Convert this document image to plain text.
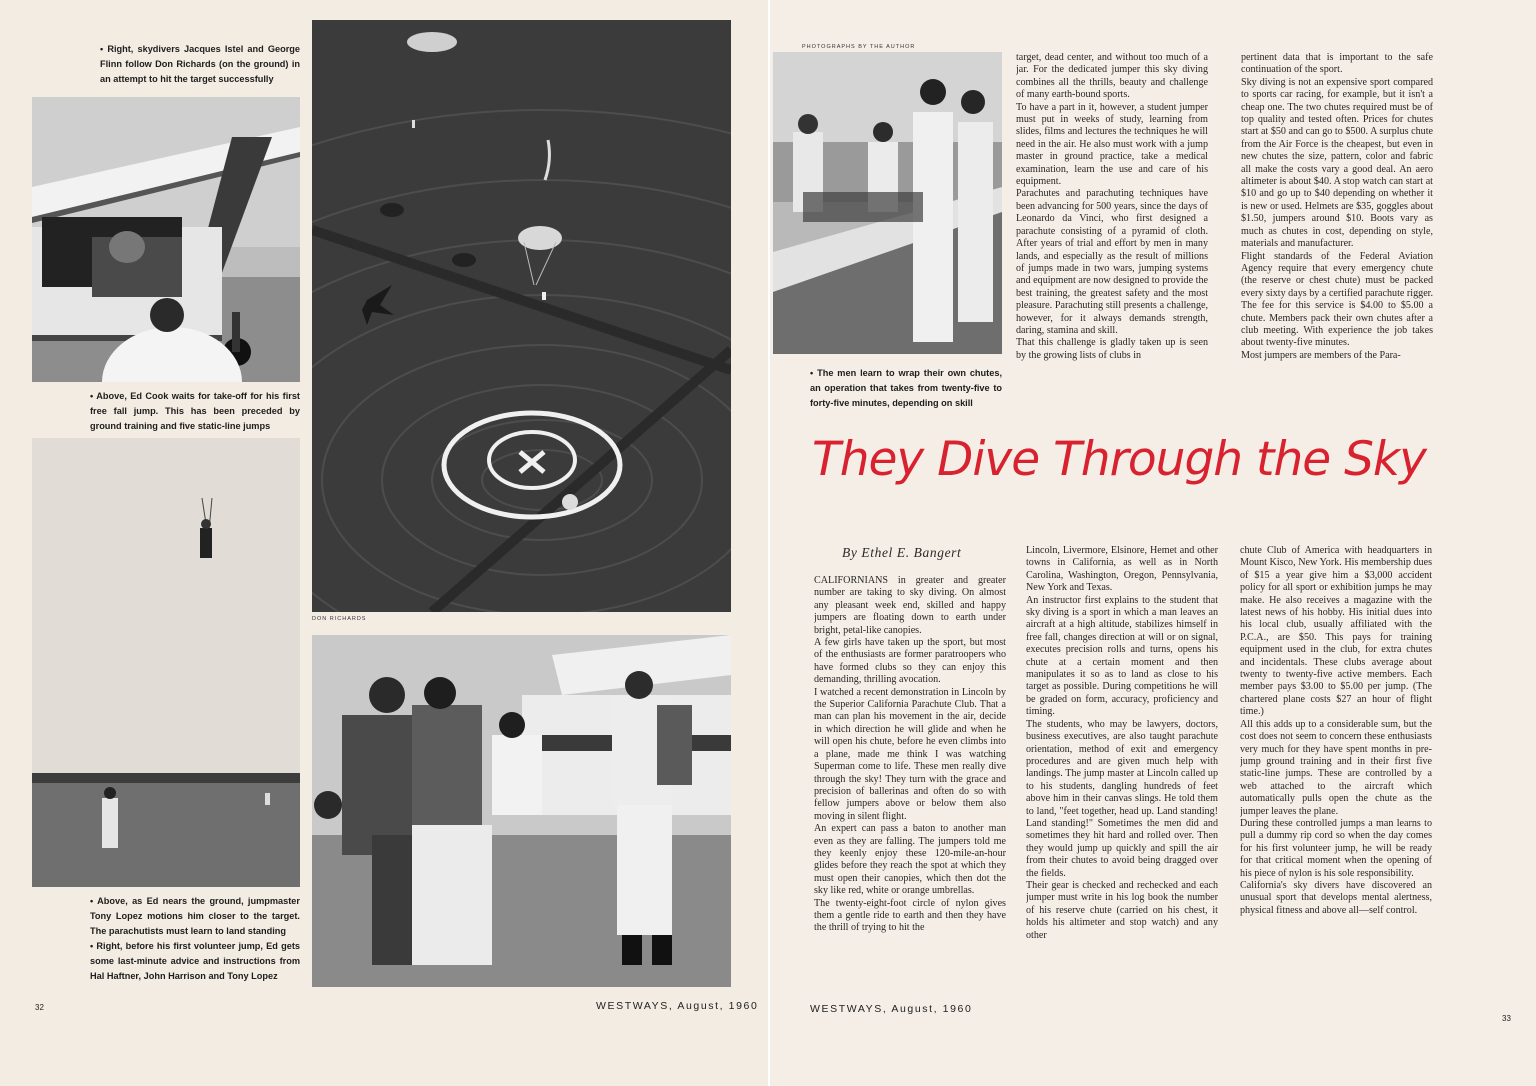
• Right, skydivers Jacques Istel and George Flinn follow Don Richards (on the ground) in an attempt to hit the target successfully
• Above, Ed Cook waits for take-off for his first free fall jump. This has been preceded by ground training and five static-line jumps
• Above, as Ed nears the ground, jumpmaster Tony Lopez motions him closer to the target. The parachutists must learn to land standing
• Right, before his first volunteer jump, Ed gets some last-minute advice and instructions from Hal Haftner, John Harrison and Tony Lopez
DON RICHARDS
32	WESTWAYS, August, 1960
PHOTOGRAPHS BY THE AUTHOR
• The men learn to wrap their own chutes, an operation that takes from twenty-five to forty-five minutes, depending on skill

target, dead center, and without too much of a jar. For the dedicated jumper this sky diving combines all the thrills, beauty and challenge of many earth-bound sports.
To have a part in it, however, a student jumper must put in weeks of study, learning from slides, films and lectures the techniques he will need in the air. He also must work with a jump master in ground practice, take a medical examination, learn the use and care of his equipment.
Parachutes and parachuting techniques have been advancing for 500 years, since the days of Leonardo da Vinci, who first designed a parachute consisting of a pyramid of cloth. After years of trial and effort by men in many lands, and especially as the result of millions of jumps made in two wars, jumping systems and equipment are now designed to provide the best training, the greatest safety and the most pleasure. Parachuting still presents a challenge, however, for it always demands strength, daring, stamina and skill.
That this challenge is gladly taken up is seen by the growing lists of clubs in

pertinent data that is important to the safe continuation of the sport.
Sky diving is not an expensive sport compared to sports car racing, for example, but it isn't a cheap one. The two chutes required must be of top quality and tested often. Prices for chutes start at $50 and can go to $500. A surplus chute from the Air Force is the cheapest, but even in new chutes the size, pattern, color and fabric all make the costs vary a good deal. An aero altimeter is about $40. A stop watch can start at $10 and go up to $40 depending on whether it is new or used. Helmets are $35, goggles about $1.50, jumpers around $10. Boots vary as much as chutes in cost, depending on style, materials and manufacturer.
Flight standards of the Federal Aviation Agency require that every emergency chute (the reserve or chest chute) must be packed every sixty days by a certified parachute rigger. The fee for this service is $4.00 to $5.00 a chute. Members pack their own chutes after a club meeting. With experience the job takes about twenty-five minutes.
Most jumpers are members of the Para-

They Dive Through the Sky
By Ethel E. Bangert

CALIFORNIANS in greater and greater number are taking to sky diving. On almost any pleasant week end, skilled and happy jumpers are floating down to earth under bright, petal-like canopies.
A few girls have taken up the sport, but most of the enthusiasts are former paratroopers who have formed clubs so they can enjoy this demanding, thrilling avocation.
I watched a recent demonstration in Lincoln by the Superior California Parachute Club. That a man can plan his movement in the air, decide in which direction he will glide and when he will open his chute, before he even climbs into a plane, made me think I was watching Superman come to life. These men really dive through the sky! They turn with the grace and precision of ballerinas and often do so with fellow jumpers above or below them also moving in silent flight.
An expert can pass a baton to another man even as they are falling. The jumpers told me they keenly enjoy these 120-mile-an-hour glides before they reach the spot at which they must open their canopies, which then dot the sky like red, white or orange umbrellas.
The twenty-eight-foot circle of nylon gives them a gentle ride to earth and then they have the thrill of trying to hit the

Lincoln, Livermore, Elsinore, Hemet and other towns in California, as well as in North Carolina, Washington, Oregon, Pennsylvania, New York and Texas.
An instructor first explains to the student that sky diving is a sport in which a man leaves an aircraft at a high altitude, stabilizes himself in free fall, changes direction at will or on signal, executes precision rolls and turns, opens his chute at a certain moment and then manipulates it so as to land as close to his target as possible. During competitions he will be graded on form, accuracy, proficiency and timing.
The students, who may be lawyers, doctors, business executives, are also taught parachute orientation, method of exit and emergency procedures and are given much help with landings. The jump master at Lincoln called up to his students, dangling hundreds of feet above him in their canvas slings. He told them to land, "feet together, head up. Land standing! Land standing!" Sometimes the men did and sometimes they hit hard and rolled over. Then they would jump up quickly and spill the air from their chutes to avoid being dragged over the fields.
Their gear is checked and rechecked and each jumper must write in his log book the number of his reserve chute (carried on his chest, it holds his altimeter and stop watch) and any other

chute Club of America with headquarters in Mount Kisco, New York. His membership dues of $15 a year give him a $3,000 accident policy for all sport or exhibition jumps he may make. He also receives a magazine with the latest news of his hobby. His initial dues into his local club, usually affiliated with the P.C.A., are $50. This pays for training equipment used in the club, for extra chutes and incidentals. These clubs average about twenty to twenty-five active members. Each member pays $3.00 to $5.00 per jump. (The chartered plane costs $27 an hour of flight time.)
All this adds up to a considerable sum, but the cost does not seem to concern these enthusiasts very much for they have spent months in pre-jump ground training and in their first five static-line jumps. These are controlled by a web attached to the aircraft which automatically pulls open the chute as the jumper leaves the plane.
During these controlled jumps a man learns to pull a dummy rip cord so when the day comes for his first volunteer jump, he will be ready for that critical moment when the opening of his piece of nylon is his sole responsibility.
California's sky divers have discovered an unusual sport that develops mental alertness, physical fitness and above all—self control.

WESTWAYS, August, 1960
33
